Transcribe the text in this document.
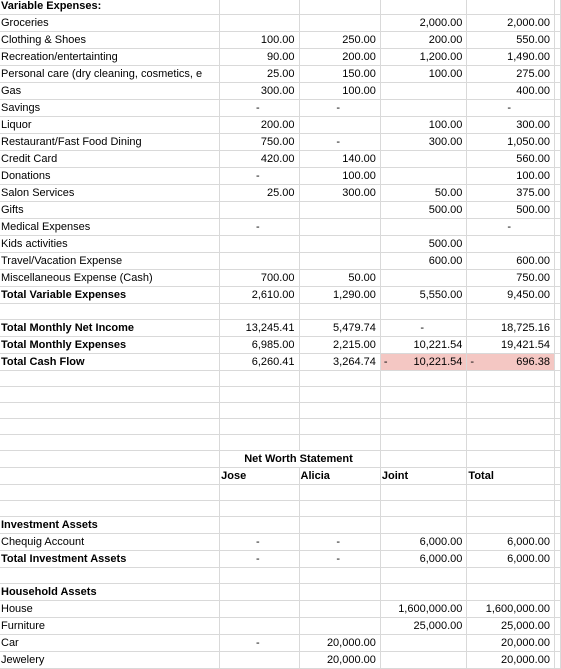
Variable Expenses:					
Groceries			2,000.00	2,000.00	
Clothing & Shoes	100.00	250.00	200.00	550.00	
Recreation/entertainting	90.00	200.00	1,200.00	1,490.00	
Personal care (dry cleaning, cosmetics, e	25.00	150.00	100.00	275.00	
Gas	300.00	100.00		400.00	
Savings	-	-		-	
Liquor	200.00		100.00	300.00	
Restaurant/Fast Food Dining	750.00	-	300.00	1,050.00	
Credit Card	420.00	140.00		560.00	
Donations	-	100.00		100.00	
Salon Services	25.00	300.00	50.00	375.00	
Gifts			500.00	500.00	
Medical Expenses	-			-	
Kids activities			500.00		
Travel/Vacation Expense			600.00	600.00	
Miscellaneous Expense (Cash)	700.00	50.00		750.00	
Total Variable Expenses	2,610.00	1,290.00	5,550.00	9,450.00	

Total Monthly Net Income	13,245.41	5,479.74	-	18,725.16	
Total Monthly Expenses	6,985.00	2,215.00	10,221.54	19,421.54	
Total Cash Flow	6,260.41	3,264.74	- 10,221.54	- 696.38	

	Net Worth Statement				
	Jose	Alicia	Joint	Total	

Investment Assets					
Chequig Account	-	-	6,000.00	6,000.00	
Total Investment Assets	-	-	6,000.00	6,000.00	

Household Assets					
House			1,600,000.00	1,600,000.00	
Furniture			25,000.00	25,000.00	
Car	-	20,000.00		20,000.00	
Jewelery		20,000.00		20,000.00	
